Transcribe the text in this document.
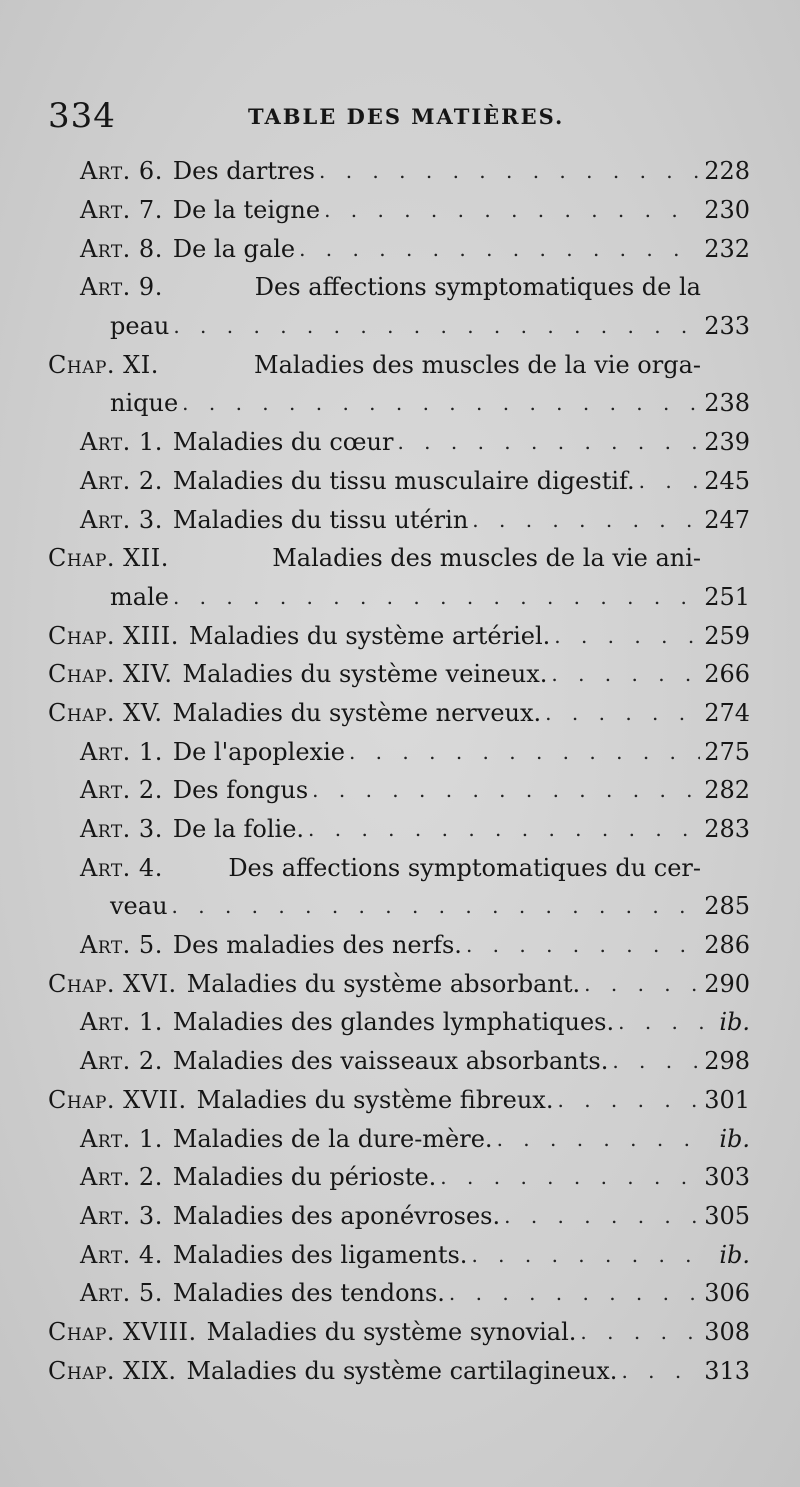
334	TABLE DES MATIÈRES.
Art. 6. Des dartres . . .	228
Art. 7. De la teigne . . .	230
Art. 8. De la gale . . .	232
Art. 9.	Des affections symptomatiques de la
peau . . .	233
Chap. XI.	Maladies des muscles de la vie orga-
nique . . .	238
Art. 1. Maladies du cœur . . .	239
Art. 2. Maladies du tissu musculaire digestif. . . .	245
Art. 3. Maladies du tissu utérin . . .	247
Chap. XII.	Maladies des muscles de la vie ani-
male . . .	251
Chap. XIII. Maladies du système artériel. . . .	259
Chap. XIV. Maladies du système veineux. . . .	266
Chap. XV. Maladies du système nerveux. . . .	274
Art. 1. De l'apoplexie . . .	275
Art. 2. Des fongus . . .	282
Art. 3. De la folie. . . .	283
Art. 4.	Des affections symptomatiques du cer-
veau . . .	285
Art. 5. Des maladies des nerfs. . . .	286
Chap. XVI. Maladies du système absorbant. . . .	290
Art. 1. Maladies des glandes lymphatiques. . . .	ib.
Art. 2. Maladies des vaisseaux absorbants. . . .	298
Chap. XVII. Maladies du système fibreux. . . .	301
Art. 1. Maladies de la dure-mère. . . .	ib.
Art. 2. Maladies du périoste. . . .	303
Art. 3. Maladies des aponévroses. . . .	305
Art. 4. Maladies des ligaments. . . .	ib.
Art. 5. Maladies des tendons. . . .	306
Chap. XVIII. Maladies du système synovial. . . .	308
Chap. XIX. Maladies du système cartilagineux. . . .	313
